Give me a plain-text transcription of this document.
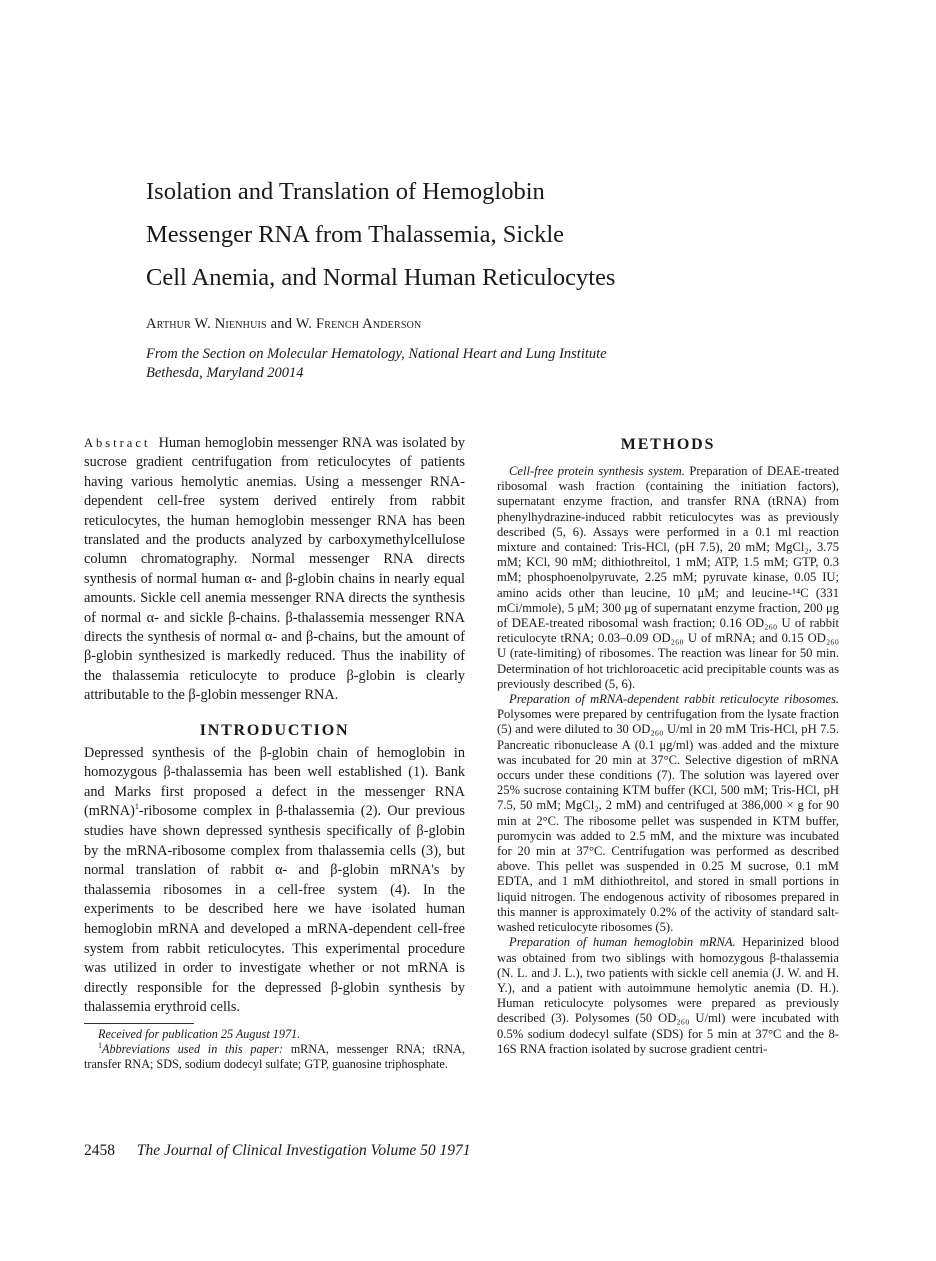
Isolation and Translation of Hemoglobin
Messenger RNA from Thalassemia, Sickle
Cell Anemia, and Normal Human Reticulocytes
Arthur W. Nienhuis and W. French Anderson
From the Section on Molecular Hematology, National Heart and Lung Institute
Bethesda, Maryland 20014

Abstract Human hemoglobin messenger RNA was isolated by sucrose gradient centrifugation from reticulocytes of patients having various hemolytic anemias. Using a messenger RNA-dependent cell-free system derived entirely from rabbit reticulocytes, the human hemoglobin messenger RNA has been translated and the products analyzed by carboxymethylcellulose column chromatography. Normal messenger RNA directs synthesis of normal human α- and β-globin chains in nearly equal amounts. Sickle cell anemia messenger RNA directs the synthesis of normal α- and sickle β-chains. β-thalassemia messenger RNA directs the synthesis of normal α- and β-chains, but the amount of β-globin synthesized is markedly reduced. Thus the inability of the thalassemia reticulocyte to produce β-globin is clearly attributable to the β-globin messenger RNA.

INTRODUCTION

Depressed synthesis of the β-globin chain of hemoglobin in homozygous β-thalassemia has been well established (1). Bank and Marks first proposed a defect in the messenger RNA (mRNA)$^1$-ribosome complex in β-thalassemia (2). Our previous studies have shown depressed synthesis specifically of β-globin by the mRNA-ribosome complex from thalassemia cells (3), but normal translation of rabbit α- and β-globin mRNA's by thalassemia ribosomes in a cell-free system (4). In the experiments to be described here we have isolated human hemoglobin mRNA and developed a mRNA-dependent cell-free system from rabbit reticulocytes. This experimental procedure was utilized in order to investigate whether or not mRNA is directly responsible for the depressed β-globin synthesis by thalassemia erythroid cells.

Received for publication 25 August 1971.

$^1$Abbreviations used in this paper: mRNA, messenger RNA; tRNA, transfer RNA; SDS, sodium dodecyl sulfate; GTP, guanosine triphosphate.

METHODS

Cell-free protein synthesis system. Preparation of DEAE-treated ribosomal wash fraction (containing the initiation factors), supernatant enzyme fraction, and transfer RNA (tRNA) from phenylhydrazine-induced rabbit reticulocytes was as previously described (5, 6). Assays were performed in a 0.1 ml reaction mixture and contained: Tris-HCl, (pH 7.5), 20 mM; MgCl₂, 3.75 mM; KCl, 90 mM; dithiothreitol, 1 mM; ATP, 1.5 mM; GTP, 0.3 mM; phosphoenolpyruvate, 2.25 mM; pyruvate kinase, 0.05 IU; amino acids other than leucine, 10 μM; and leucine-¹⁴C (331 mCi/mmole), 5 μM; 300 μg of supernatant enzyme fraction, 200 μg of DEAE-treated ribosomal wash fraction; 0.16 OD₂₆₀ U of rabbit reticulocyte tRNA; 0.03–0.09 OD₂₆₀ U of mRNA; and 0.15 OD₂₆₀ U (rate-limiting) of ribosomes. The reaction was linear for 50 min. Determination of hot trichloroacetic acid precipitable counts was as previously described (5, 6).

Preparation of mRNA-dependent rabbit reticulocyte ribosomes. Polysomes were prepared by centrifugation from the lysate fraction (5) and were diluted to 30 OD₂₆₀ U/ml in 20 mM Tris-HCl, pH 7.5. Pancreatic ribonuclease A (0.1 μg/ml) was added and the mixture was incubated for 20 min at 37°C. Selective digestion of mRNA occurs under these conditions (7). The solution was layered over 25% sucrose containing KTM buffer (KCl, 500 mM; Tris-HCl, pH 7.5, 50 mM; MgCl₂, 2 mM) and centrifuged at 386,000 × g for 90 min at 2°C. The ribosome pellet was suspended in KTM buffer, puromycin was added to 2.5 mM, and the mixture was incubated for 20 min at 37°C. Centrifugation was performed as described above. This pellet was suspended in 0.25 M sucrose, 0.1 mM EDTA, and 1 mM dithiothreitol, and stored in small portions in liquid nitrogen. The endogenous activity of ribosomes prepared in this manner is approximately 0.2% of the activity of standard salt-washed reticulocyte ribosomes (5).

Preparation of human hemoglobin mRNA. Heparinized blood was obtained from two siblings with homozygous β-thalassemia (N. L. and J. L.), two patients with sickle cell anemia (J. W. and H. Y.), and a patient with autoimmune hemolytic anemia (D. H.). Human reticulocyte polysomes were prepared as previously described (3). Polysomes (50 OD₂₆₀ U/ml) were incubated with 0.5% sodium dodecyl sulfate (SDS) for 5 min at 37°C and the 8-16S RNA fraction isolated by sucrose gradient centri-

2458 The Journal of Clinical Investigation Volume 50 1971
